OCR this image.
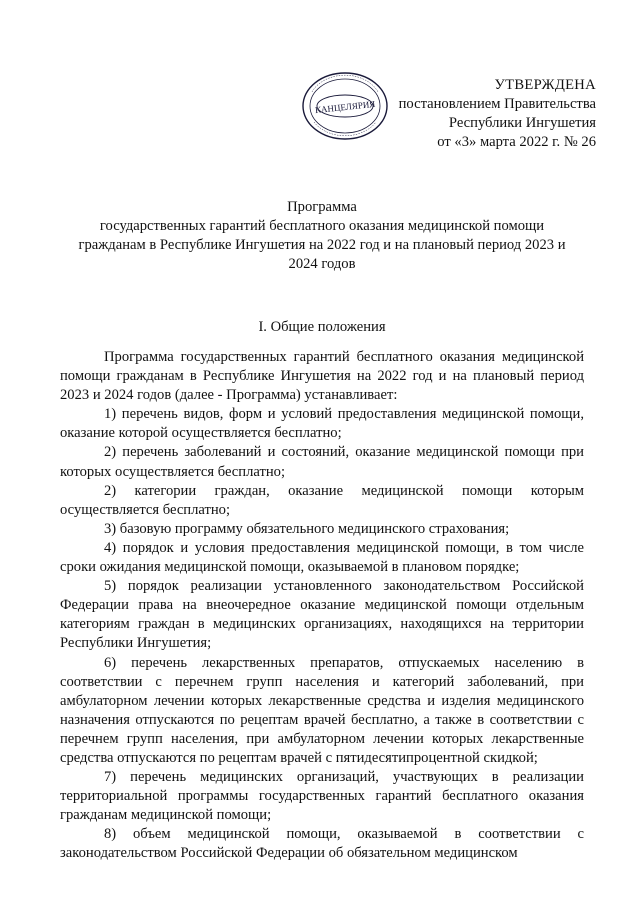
КАНЦЕЛЯРИЯ
УТВЕРЖДЕНА
постановлением Правительства
Республики Ингушетия
от «3» марта 2022 г. № 26
Программа
государственных гарантий бесплатного оказания медицинской помощи
гражданам в Республике Ингушетия на 2022 год и на плановый период 2023 и
2024 годов
I. Общие положения

Программа государственных гарантий бесплатного оказания медицинской помощи гражданам в Республике Ингушетия на 2022 год и на плановый период 2023 и 2024 годов (далее - Программа) устанавливает:

1) перечень видов, форм и условий предоставления медицинской помощи, оказание которой осуществляется бесплатно;

2) перечень заболеваний и состояний, оказание медицинской помощи при которых осуществляется бесплатно;

2) категории граждан, оказание медицинской помощи которым осуществляется бесплатно;

3) базовую программу обязательного медицинского страхования;

4) порядок и условия предоставления медицинской помощи, в том числе сроки ожидания медицинской помощи, оказываемой в плановом порядке;

5) порядок реализации установленного законодательством Российской Федерации права на внеочередное оказание медицинской помощи отдельным категориям граждан в медицинских организациях, находящихся на территории Республики Ингушетия;

6) перечень лекарственных препаратов, отпускаемых населению в соответствии с перечнем групп населения и категорий заболеваний, при амбулаторном лечении которых лекарственные средства и изделия медицинского назначения отпускаются по рецептам врачей бесплатно, а также в соответствии с перечнем групп населения, при амбулаторном лечении которых лекарственные средства отпускаются по рецептам врачей с пятидесятипроцентной скидкой;

7) перечень медицинских организаций, участвующих в реализации территориальной программы государственных гарантий бесплатного оказания гражданам медицинской помощи;

8) объем медицинской помощи, оказываемой в соответствии с законодательством Российской Федерации об обязательном медицинском
